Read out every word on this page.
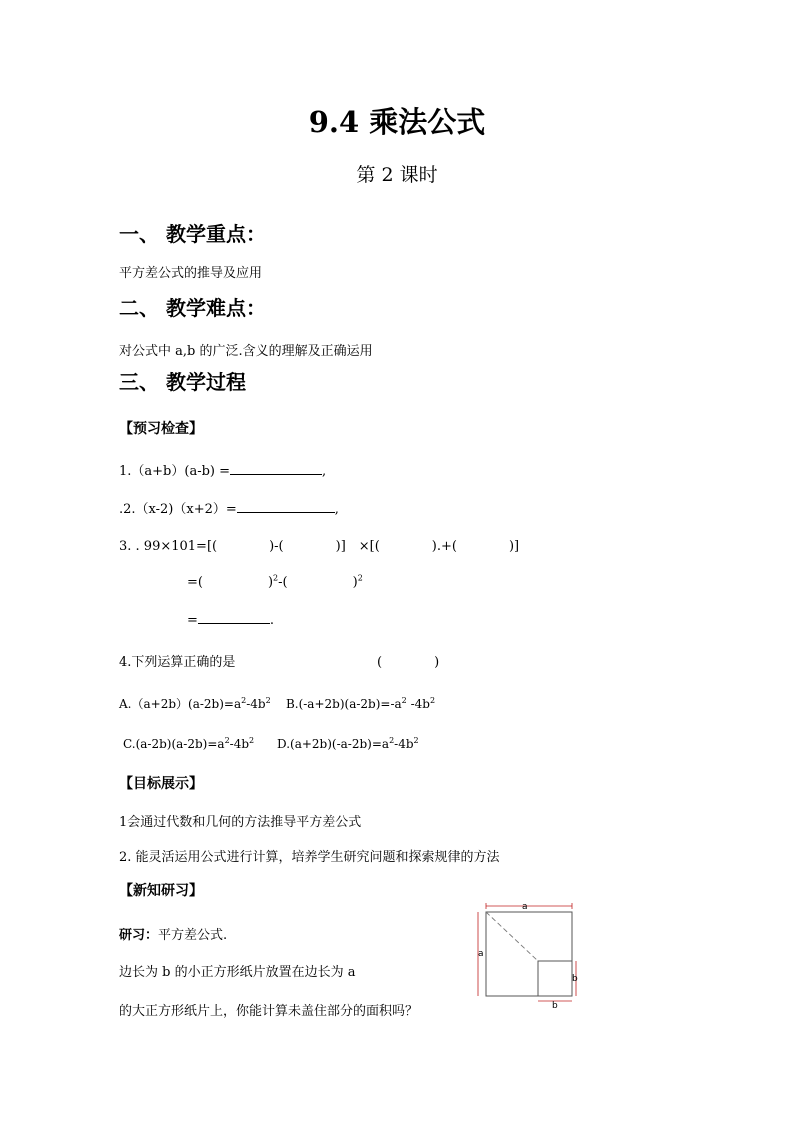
9.4 乘法公式
第 2 课时
一、 教学重点：
平方差公式的推导及应用
二、 教学难点：
对公式中 a,b 的广泛.含义的理解及正确运用
三、 教学过程
【预习检查】
1.（a+b）(a-b) =	,
.2.（x-2)（x+2）=	,
3. . 99×101=[(　　　　)-(　　　　)]　×[(　　　　).+(　　　　)]
=(　　　　　)$^2$-(　　　　　)$^2$
=	.
4.下列运算正确的是	(　　　　)
$A.(a+2b)(a-2b)=a^2-4b^2$ $B.(-a+2b)(a-2b)=-a^2$ $-4b^2$
$C.(a-2b)(a-2b)=a^2-4b^2$ $D.(a+2b)(-a-2b)=a^2-4b^2$
【目标展示】
1会通过代数和几何的方法推导平方差公式
2. 能灵活运用公式进行计算，培养学生研究问题和探索规律的方法
【新知研习】
研习：平方差公式.
边长为 b 的小正方形纸片放置在边长为 a
的大正方形纸片上，你能计算未盖住部分的面积吗？
a
a
b
b
